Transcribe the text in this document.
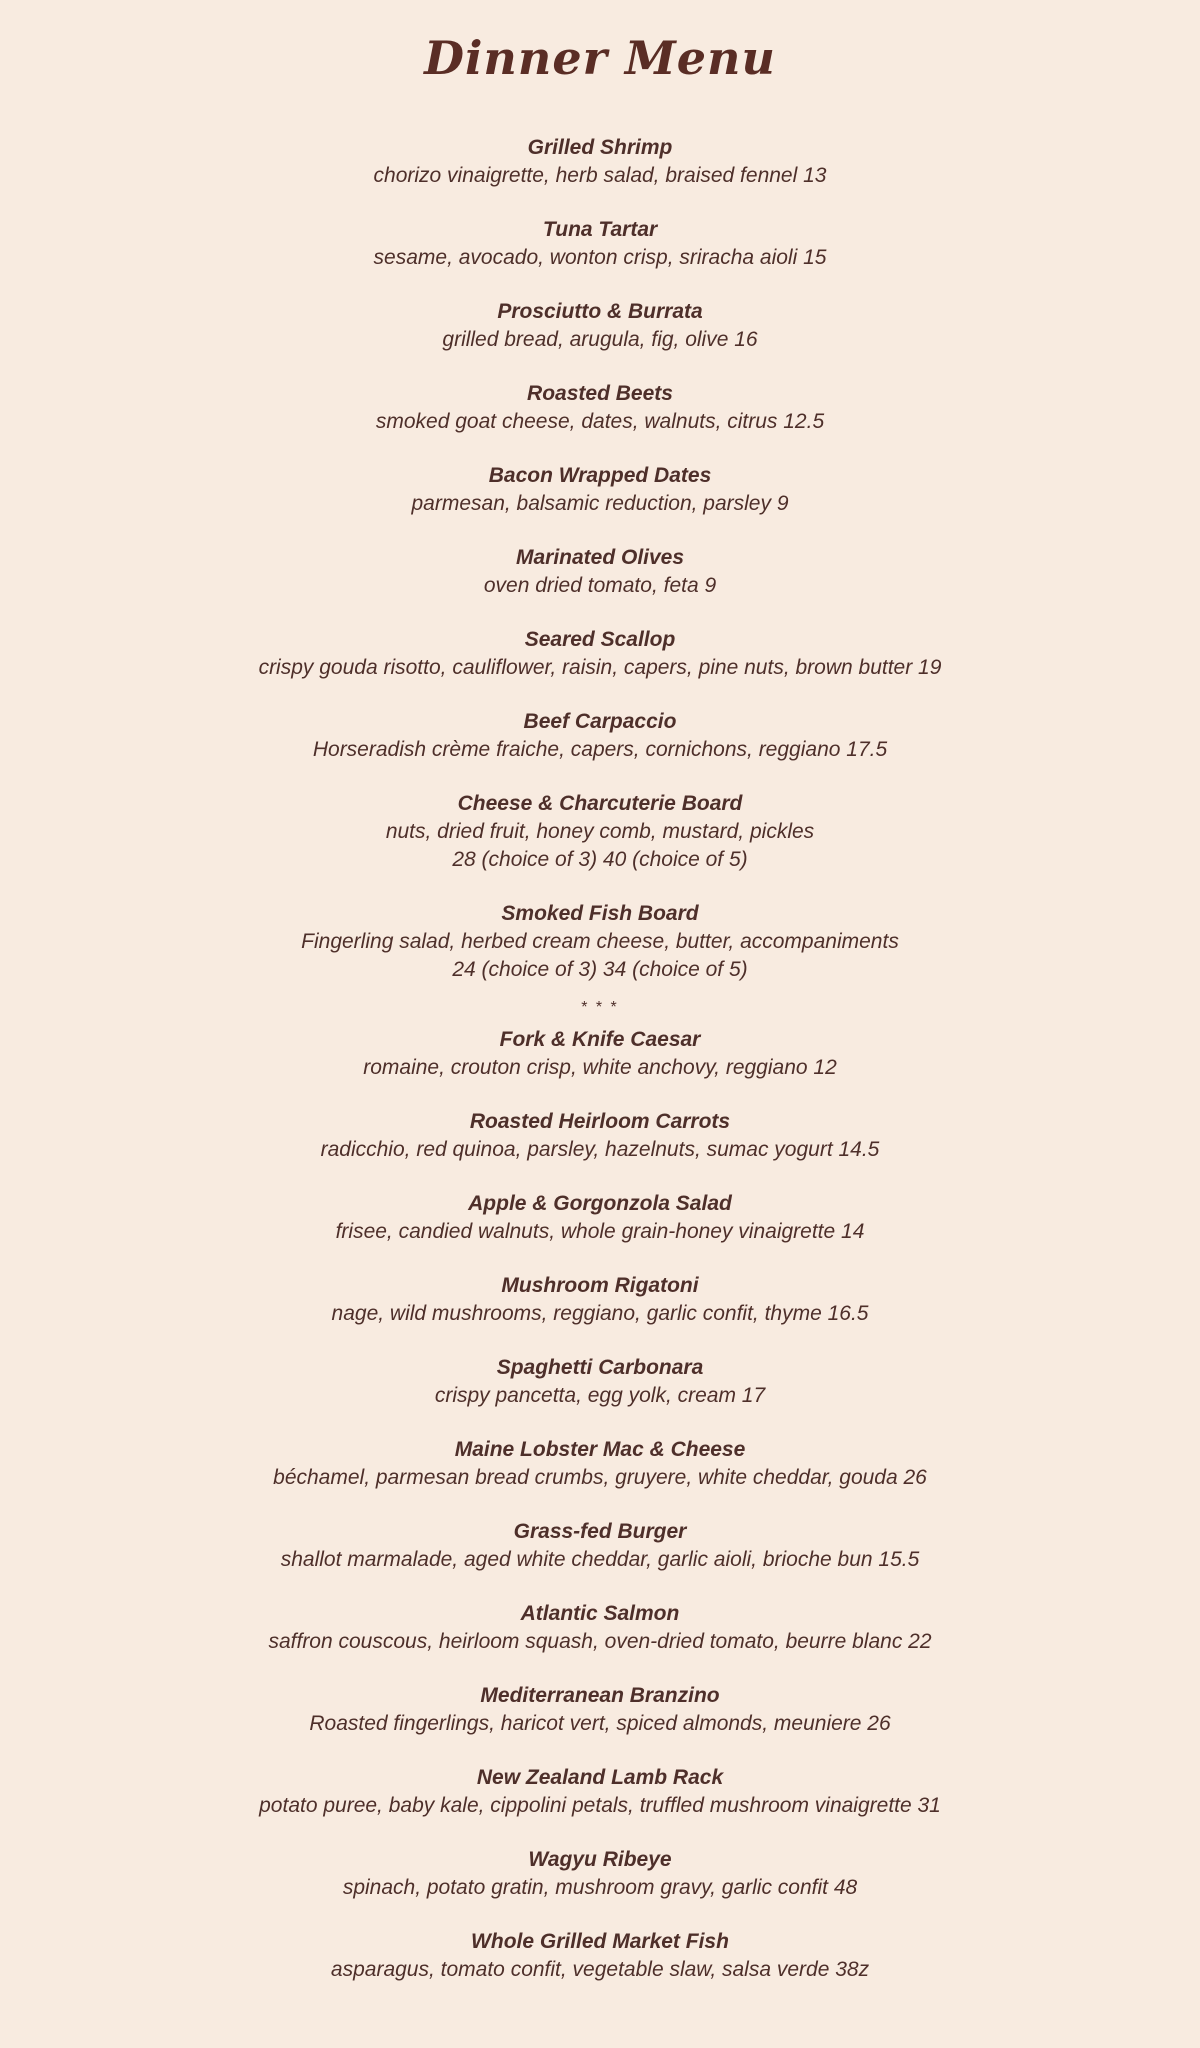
Dinner Menu
Grilled Shrimp
chorizo vinaigrette, herb salad, braised fennel 13
Tuna Tartar
sesame, avocado, wonton crisp, sriracha aioli 15
Prosciutto & Burrata
grilled bread, arugula, fig, olive 16
Roasted Beets
smoked goat cheese, dates, walnuts, citrus 12.5
Bacon Wrapped Dates
parmesan, balsamic reduction, parsley 9
Marinated Olives
oven dried tomato, feta 9
Seared Scallop
crispy gouda risotto, cauliflower, raisin, capers, pine nuts, brown butter 19
Beef Carpaccio
Horseradish crème fraiche, capers, cornichons, reggiano 17.5
Cheese & Charcuterie Board
nuts, dried fruit, honey comb, mustard, pickles
28 (choice of 3) 40 (choice of 5)
Smoked Fish Board
Fingerling salad, herbed cream cheese, butter, accompaniments
24 (choice of 3) 34 (choice of 5)
* * *
Fork & Knife Caesar
romaine, crouton crisp, white anchovy, reggiano 12
Roasted Heirloom Carrots
radicchio, red quinoa, parsley, hazelnuts, sumac yogurt 14.5
Apple & Gorgonzola Salad
frisee, candied walnuts, whole grain-honey vinaigrette 14
Mushroom Rigatoni
nage, wild mushrooms, reggiano, garlic confit, thyme 16.5
Spaghetti Carbonara
crispy pancetta, egg yolk, cream 17
Maine Lobster Mac & Cheese
béchamel, parmesan bread crumbs, gruyere, white cheddar, gouda 26
Grass-fed Burger
shallot marmalade, aged white cheddar, garlic aioli, brioche bun 15.5
Atlantic Salmon
saffron couscous, heirloom squash, oven-dried tomato, beurre blanc 22
Mediterranean Branzino
Roasted fingerlings, haricot vert, spiced almonds, meuniere 26
New Zealand Lamb Rack
potato puree, baby kale, cippolini petals, truffled mushroom vinaigrette 31
Wagyu Ribeye
spinach, potato gratin, mushroom gravy, garlic confit 48
Whole Grilled Market Fish
asparagus, tomato confit, vegetable slaw, salsa verde 38z
